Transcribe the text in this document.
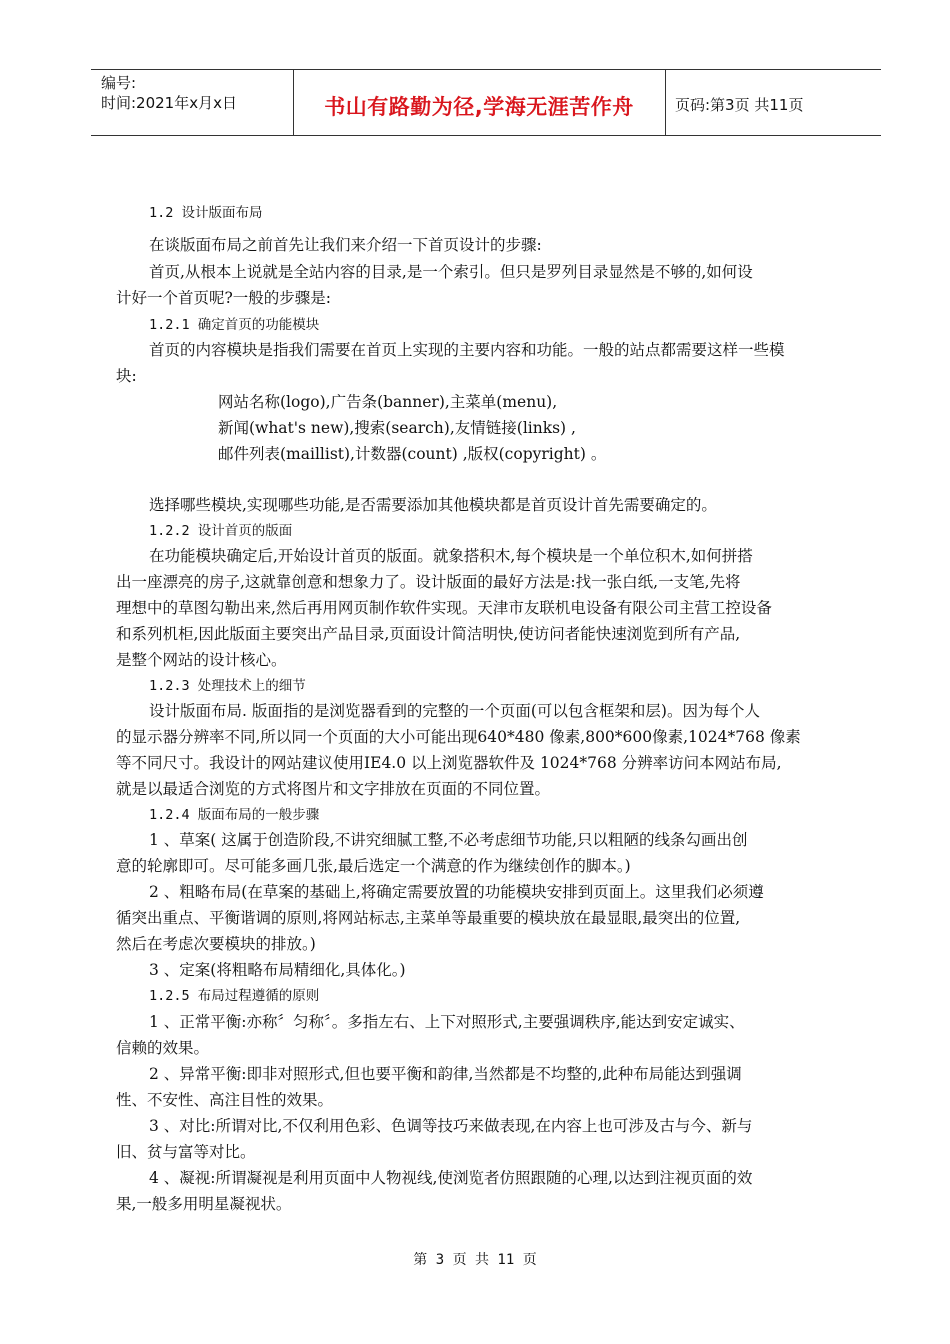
编号:
时间:2021年x月x日	书山有路勤为径,学海无涯苦作舟	页码:第3页 共11页
1.2 设计版面布局
在谈版面布局之前首先让我们来介绍一下首页设计的步骤:
首页,从根本上说就是全站内容的目录,是一个索引。但只是罗列目录显然是不够的,如何设
计好一个首页呢?一般的步骤是:
1.2.1 确定首页的功能模块
首页的内容模块是指我们需要在首页上实现的主要内容和功能。一般的站点都需要这样一些模
块:
网站名称(logo),广告条(banner),主菜单(menu),
新闻(what's new),搜索(search),友情链接(links) ,
邮件列表(maillist),计数器(count) ,版权(copyright) 。
选择哪些模块,实现哪些功能,是否需要添加其他模块都是首页设计首先需要确定的。
1.2.2 设计首页的版面
在功能模块确定后,开始设计首页的版面。就象搭积木,每个模块是一个单位积木,如何拼搭
出一座漂亮的房子,这就靠创意和想象力了。设计版面的最好方法是:找一张白纸,一支笔,先将
理想中的草图勾勒出来,然后再用网页制作软件实现。天津市友联机电设备有限公司主营工控设备
和系列机柜,因此版面主要突出产品目录,页面设计简洁明快,使访问者能快速浏览到所有产品,
是整个网站的设计核心。
1.2.3 处理技术上的细节
设计版面布局. 版面指的是浏览器看到的完整的一个页面(可以包含框架和层)。因为每个人
的显示器分辨率不同,所以同一个页面的大小可能出现640*480 像素,800*600像素,1024*768 像素
等不同尺寸。我设计的网站建议使用IE4.0 以上浏览器软件及 1024*768 分辨率访问本网站布局,
就是以最适合浏览的方式将图片和文字排放在页面的不同位置。
1.2.4 版面布局的一般步骤
1 、草案( 这属于创造阶段,不讲究细腻工整,不必考虑细节功能,只以粗陋的线条勾画出创
意的轮廓即可。尽可能多画几张,最后选定一个满意的作为继续创作的脚本。)
2 、粗略布局(在草案的基础上,将确定需要放置的功能模块安排到页面上。这里我们必须遵
循突出重点、平衡谐调的原则,将网站标志,主菜单等最重要的模块放在最显眼,最突出的位置,
然后在考虑次要模块的排放。)
3 、定案(将粗略布局精细化,具体化。)
1.2.5 布局过程遵循的原则
1 、正常平衡:亦称〞匀称〞。多指左右、上下对照形式,主要强调秩序,能达到安定诚实、
信赖的效果。
2 、异常平衡:即非对照形式,但也要平衡和韵律,当然都是不均整的,此种布局能达到强调
性、不安性、高注目性的效果。
3 、对比:所谓对比,不仅利用色彩、色调等技巧来做表现,在内容上也可涉及古与今、新与
旧、贫与富等对比。
4 、凝视:所谓凝视是利用页面中人物视线,使浏览者仿照跟随的心理,以达到注视页面的效
果,一般多用明星凝视状。
第 3 页 共 11 页
